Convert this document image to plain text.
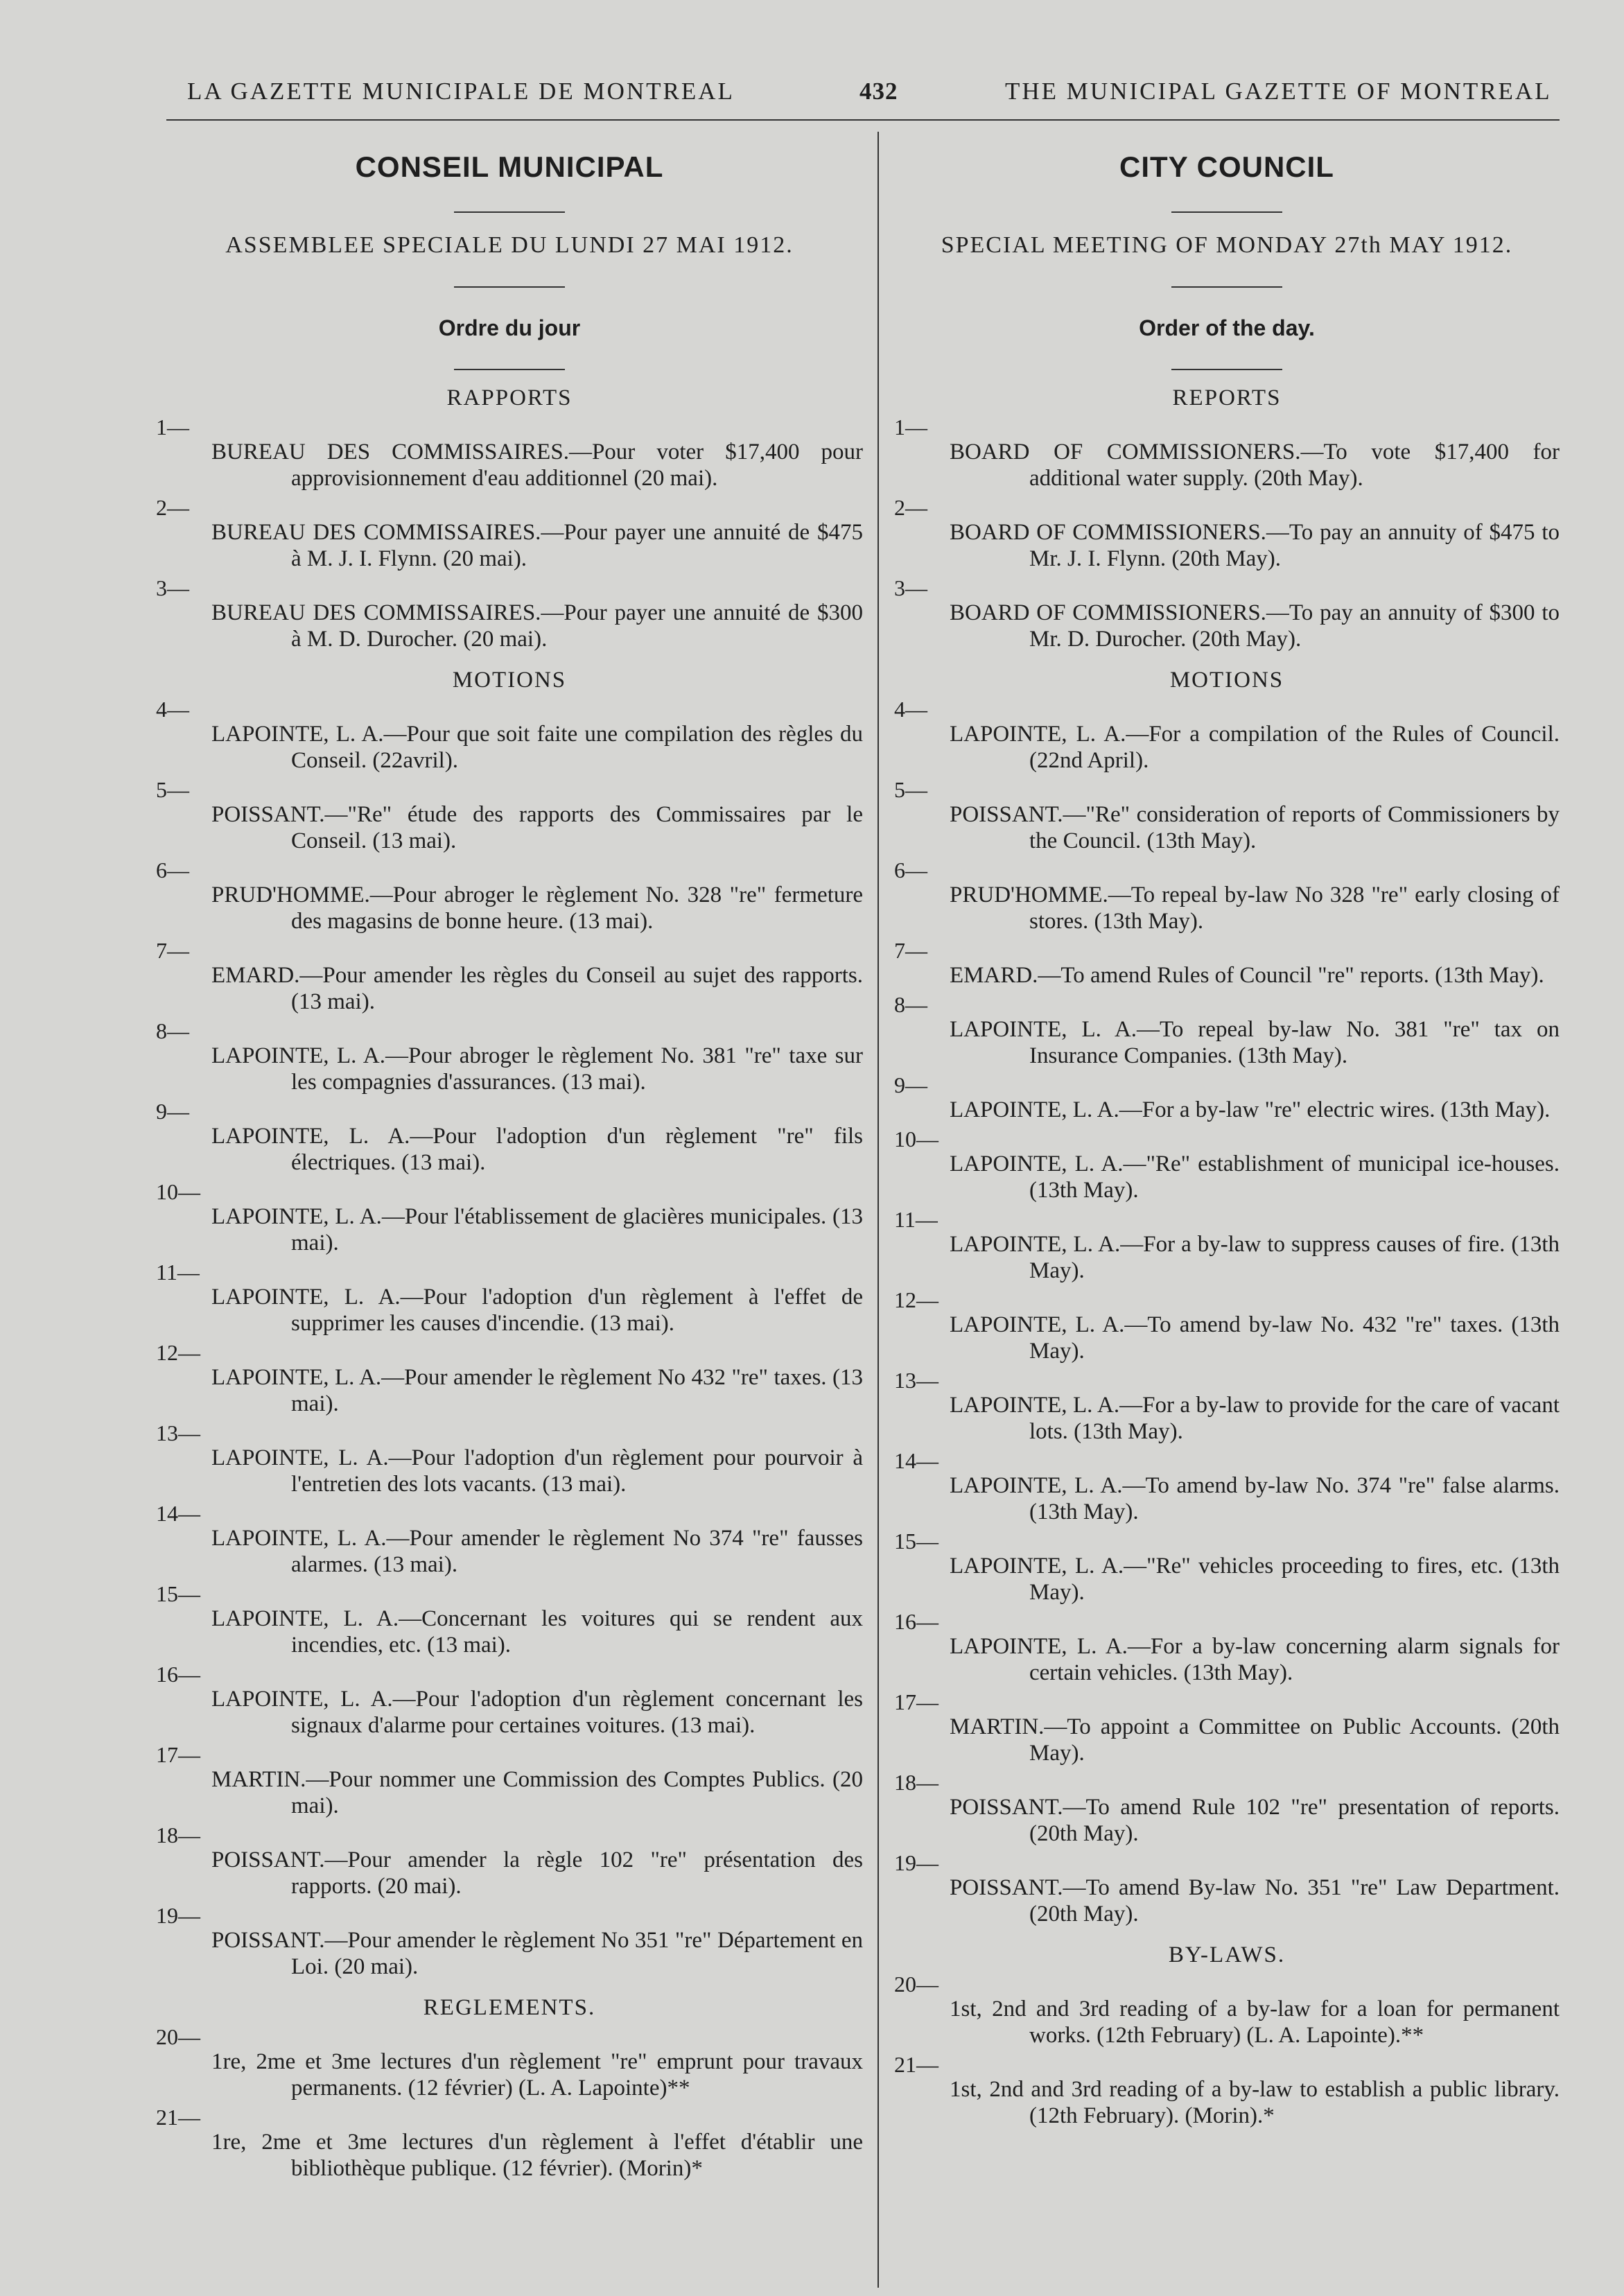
LA GAZETTE MUNICIPALE DE MONTREAL	432	THE MUNICIPAL GAZETTE OF MONTREAL
CONSEIL MUNICIPAL
ASSEMBLEE SPECIALE DU LUNDI 27 MAI 1912.
Ordre du jour
RAPPORTS
1—
BUREAU DES COMMISSAIRES.—Pour voter $17,400 pour approvisionnement d'eau additionnel (20 mai).
2—
BUREAU DES COMMISSAIRES.—Pour payer une annuité de $475 à M. J. I. Flynn. (20 mai).
3—
BUREAU DES COMMISSAIRES.—Pour payer une annuité de $300 à M. D. Durocher. (20 mai).
MOTIONS
4—
LAPOINTE, L. A.—Pour que soit faite une compilation des règles du Conseil. (22avril).
5—
POISSANT.—"Re" étude des rapports des Commissaires par le Conseil. (13 mai).
6—
PRUD'HOMME.—Pour abroger le règlement No. 328 "re" fermeture des magasins de bonne heure. (13 mai).
7—
EMARD.—Pour amender les règles du Conseil au sujet des rapports. (13 mai).
8—
LAPOINTE, L. A.—Pour abroger le règlement No. 381 "re" taxe sur les compagnies d'assurances. (13 mai).
9—
LAPOINTE, L. A.—Pour l'adoption d'un règlement "re" fils électriques. (13 mai).
10—
LAPOINTE, L. A.—Pour l'établissement de glacières municipales. (13 mai).
11—
LAPOINTE, L. A.—Pour l'adoption d'un règlement à l'effet de supprimer les causes d'incendie. (13 mai).
12—
LAPOINTE, L. A.—Pour amender le règlement No 432 "re" taxes. (13 mai).
13—
LAPOINTE, L. A.—Pour l'adoption d'un règlement pour pourvoir à l'entretien des lots vacants. (13 mai).
14—
LAPOINTE, L. A.—Pour amender le règlement No 374 "re" fausses alarmes. (13 mai).
15—
LAPOINTE, L. A.—Concernant les voitures qui se rendent aux incendies, etc. (13 mai).
16—
LAPOINTE, L. A.—Pour l'adoption d'un règlement concernant les signaux d'alarme pour certaines voitures. (13 mai).
17—
MARTIN.—Pour nommer une Commission des Comptes Publics. (20 mai).
18—
POISSANT.—Pour amender la règle 102 "re" présentation des rapports. (20 mai).
19—
POISSANT.—Pour amender le règlement No 351 "re" Département en Loi. (20 mai).
REGLEMENTS.
20—
1re, 2me et 3me lectures d'un règlement "re" emprunt pour travaux permanents. (12 février) (L. A. Lapointe)**
21—
1re, 2me et 3me lectures d'un règlement à l'effet d'établir une bibliothèque publique. (12 février). (Morin)*
CITY COUNCIL
SPECIAL MEETING OF MONDAY 27th MAY 1912.
Order of the day.
REPORTS
1—
BOARD OF COMMISSIONERS.—To vote $17,400 for additional water supply. (20th May).
2—
BOARD OF COMMISSIONERS.—To pay an annuity of $475 to Mr. J. I. Flynn. (20th May).
3—
BOARD OF COMMISSIONERS.—To pay an annuity of $300 to Mr. D. Durocher. (20th May).
MOTIONS
4—
LAPOINTE, L. A.—For a compilation of the Rules of Council. (22nd April).
5—
POISSANT.—"Re" consideration of reports of Commissioners by the Council. (13th May).
6—
PRUD'HOMME.—To repeal by-law No 328 "re" early closing of stores. (13th May).
7—
EMARD.—To amend Rules of Council "re" reports. (13th May).
8—
LAPOINTE, L. A.—To repeal by-law No. 381 "re" tax on Insurance Companies. (13th May).
9—
LAPOINTE, L. A.—For a by-law "re" electric wires. (13th May).
10—
LAPOINTE, L. A.—"Re" establishment of municipal ice-houses. (13th May).
11—
LAPOINTE, L. A.—For a by-law to suppress causes of fire. (13th May).
12—
LAPOINTE, L. A.—To amend by-law No. 432 "re" taxes. (13th May).
13—
LAPOINTE, L. A.—For a by-law to provide for the care of vacant lots. (13th May).
14—
LAPOINTE, L. A.—To amend by-law No. 374 "re" false alarms. (13th May).
15—
LAPOINTE, L. A.—"Re" vehicles proceeding to fires, etc. (13th May).
16—
LAPOINTE, L. A.—For a by-law concerning alarm signals for certain vehicles. (13th May).
17—
MARTIN.—To appoint a Committee on Public Accounts. (20th May).
18—
POISSANT.—To amend Rule 102 "re" presentation of reports. (20th May).
19—
POISSANT.—To amend By-law No. 351 "re" Law Department. (20th May).
BY-LAWS.
20—
1st, 2nd and 3rd reading of a by-law for a loan for permanent works. (12th February) (L. A. Lapointe).**
21—
1st, 2nd and 3rd reading of a by-law to establish a public library. (12th February). (Morin).*
